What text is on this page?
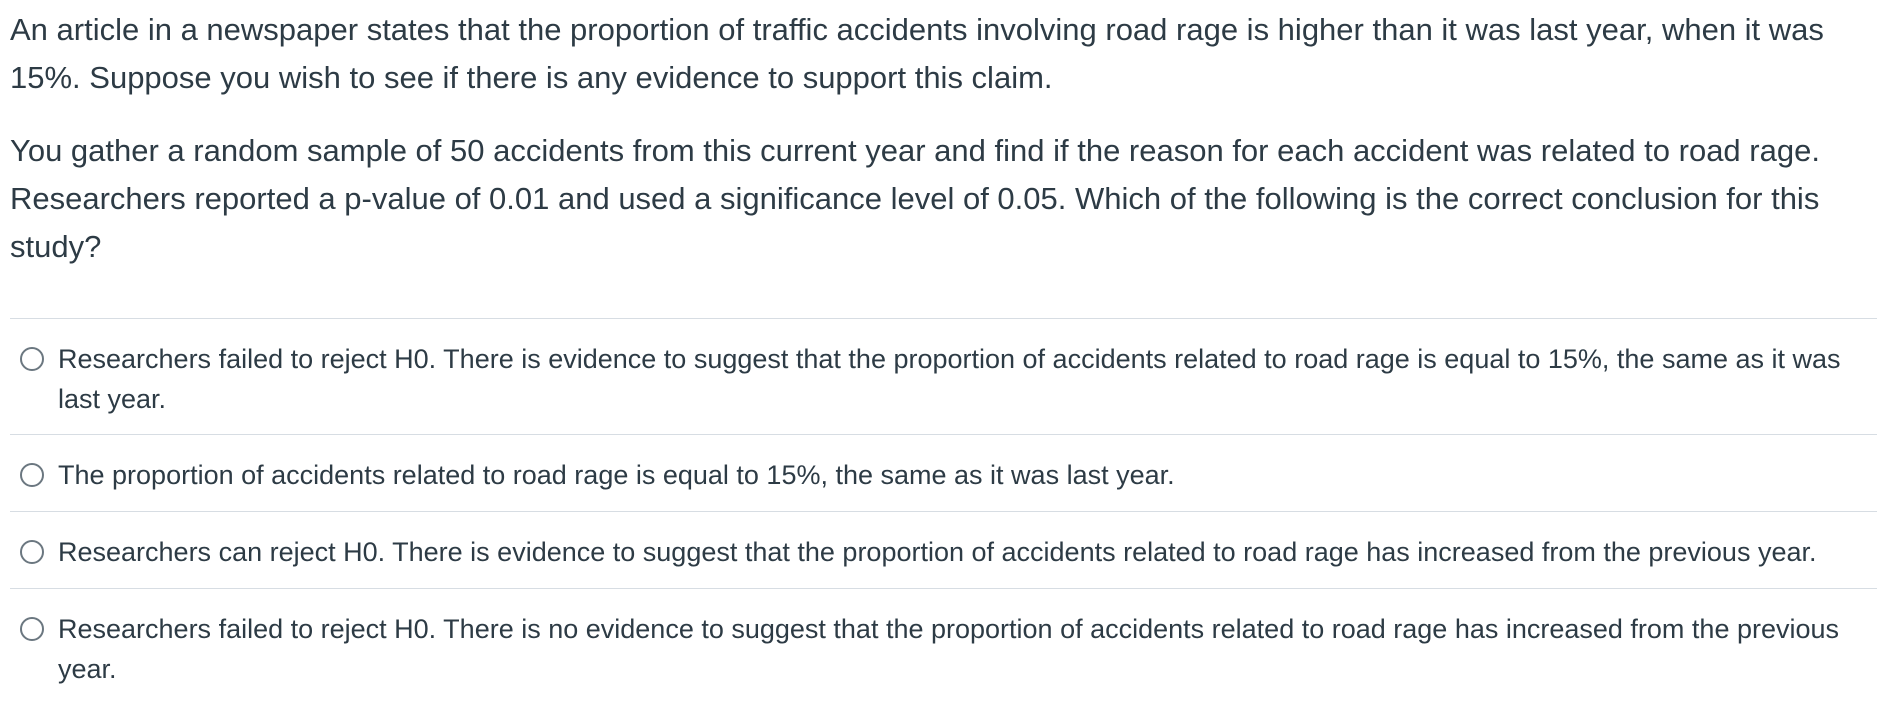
An article in a newspaper states that the proportion of traffic accidents involving road rage is higher than it was last year, when it was 15%. Suppose you wish to see if there is any evidence to support this claim.

You gather a random sample of 50 accidents from this current year and find if the reason for each accident was related to road rage. Researchers reported a p-value of 0.01 and used a significance level of 0.05. Which of the following is the correct conclusion for this study?

Researchers failed to reject H0. There is evidence to suggest that the proportion of accidents related to road rage is equal to 15%, the same as it was last year.
The proportion of accidents related to road rage is equal to 15%, the same as it was last year.
Researchers can reject H0. There is evidence to suggest that the proportion of accidents related to road rage has increased from the previous year.
Researchers failed to reject H0. There is no evidence to suggest that the proportion of accidents related to road rage has increased from the previous year.
